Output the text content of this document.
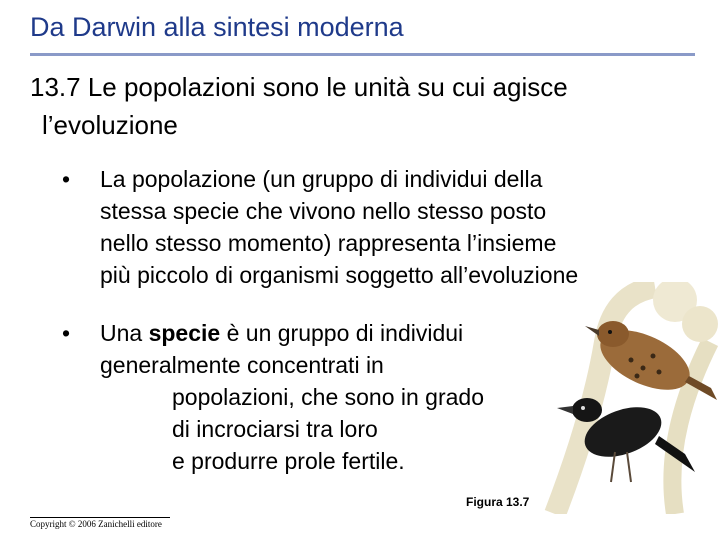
Da Darwin alla sintesi moderna
13.7 Le popolazioni sono le unità su cui agisce
l’evoluzione
• La popolazione (un gruppo di individui della
stessa specie che vivono nello stesso posto
nello stesso momento) rappresenta l’insieme
più piccolo di organismi soggetto all’evoluzione
• Una specie è un gruppo di individui
generalmente concentrati in
popolazioni, che sono in grado
di incrociarsi tra loro
e produrre prole fertile.
Figura 13.7
Copyright © 2006 Zanichelli editore
